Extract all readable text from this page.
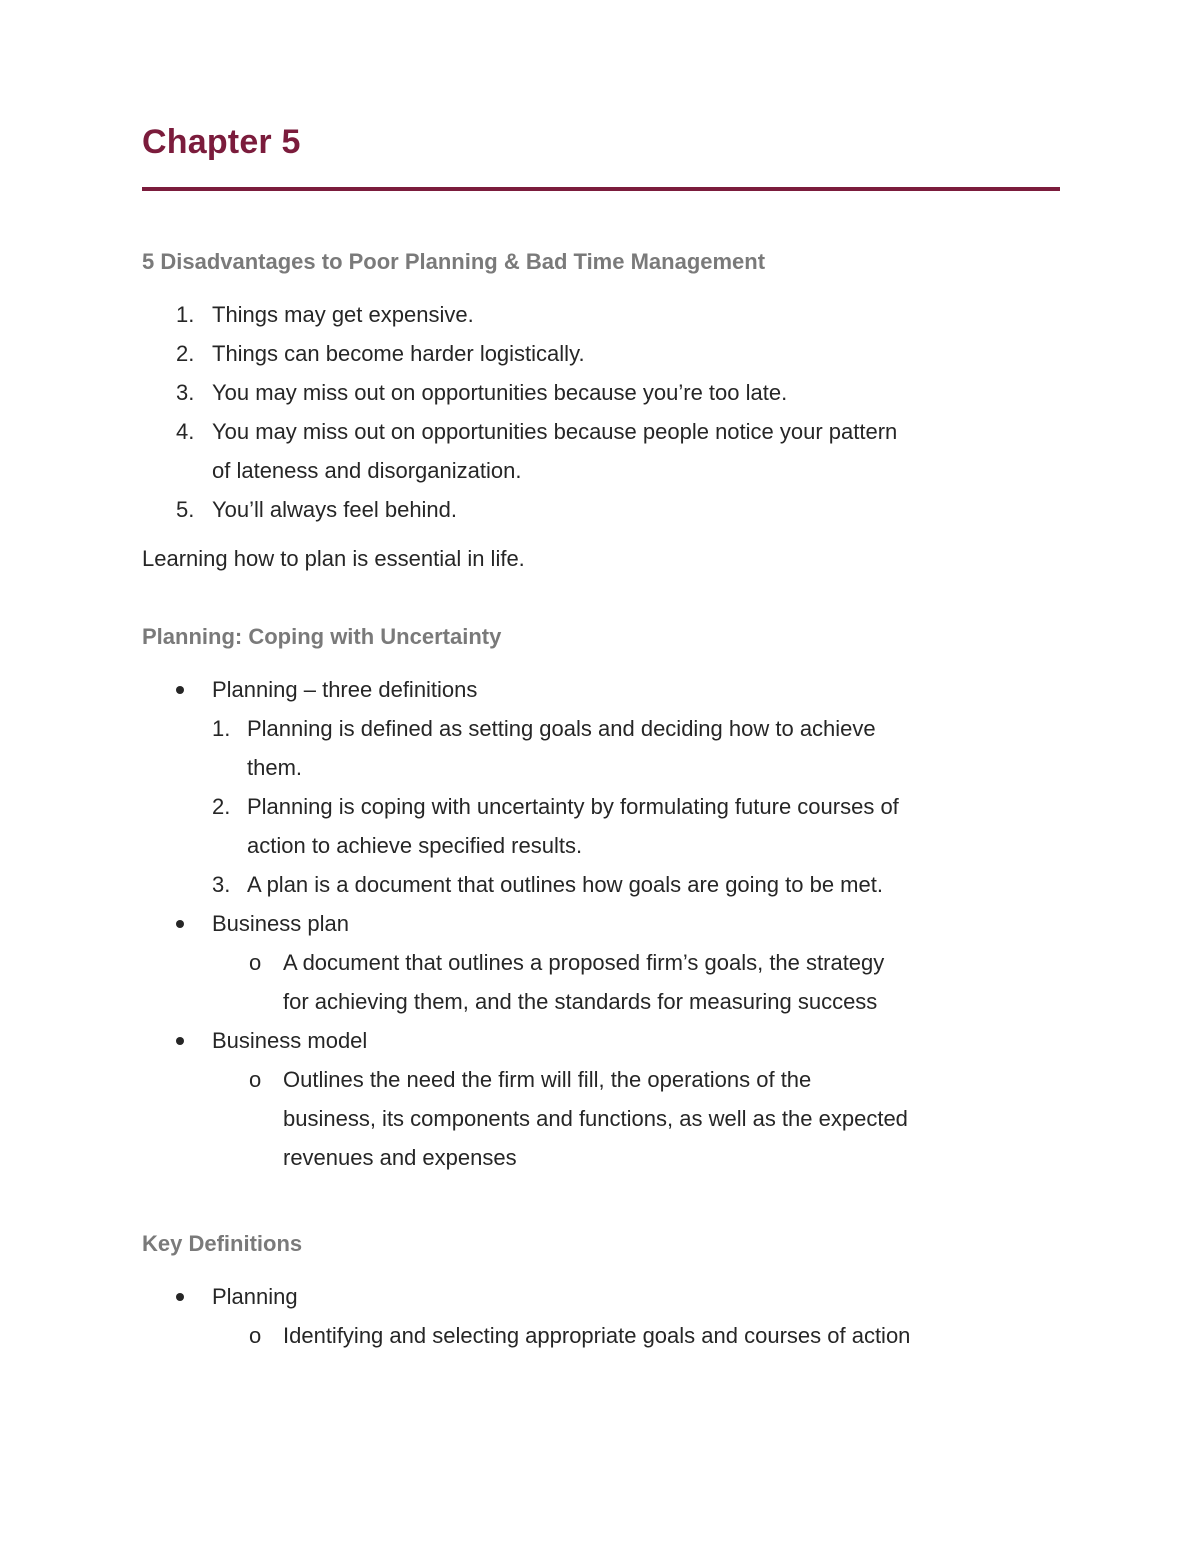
Chapter 5
5 Disadvantages to Poor Planning & Bad Time Management
1. Things may get expensive.
2. Things can become harder logistically.
3. You may miss out on opportunities because you’re too late.
4. You may miss out on opportunities because people notice your pattern
of lateness and disorganization.
5. You’ll always feel behind.
Learning how to plan is essential in life.
Planning: Coping with Uncertainty
Planning – three definitions
1. Planning is defined as setting goals and deciding how to achieve
them.
2. Planning is coping with uncertainty by formulating future courses of
action to achieve specified results.
3. A plan is a document that outlines how goals are going to be met.
Business plan
o A document that outlines a proposed firm’s goals, the strategy
for achieving them, and the standards for measuring success
Business model
o Outlines the need the firm will fill, the operations of the
business, its components and functions, as well as the expected
revenues and expenses
Key Definitions
Planning
o Identifying and selecting appropriate goals and courses of action
